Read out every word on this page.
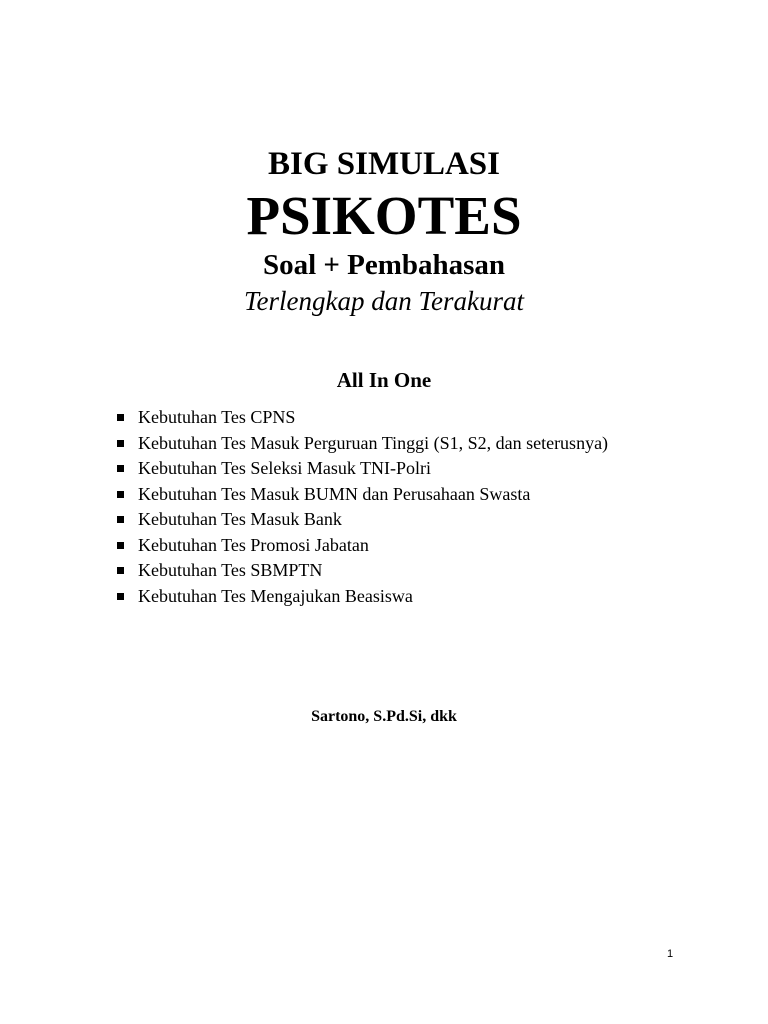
BIG SIMULASI

PSIKOTES

Soal + Pembahasan

Terlengkap dan Terakurat

All In One

Kebutuhan Tes CPNS
Kebutuhan Tes Masuk Perguruan Tinggi (S1, S2, dan seterusnya)
Kebutuhan Tes Seleksi Masuk TNI-Polri
Kebutuhan Tes Masuk BUMN dan Perusahaan Swasta
Kebutuhan Tes Masuk Bank
Kebutuhan Tes Promosi Jabatan
Kebutuhan Tes SBMPTN
Kebutuhan Tes Mengajukan Beasiswa

Sartono, S.Pd.Si, dkk

1
